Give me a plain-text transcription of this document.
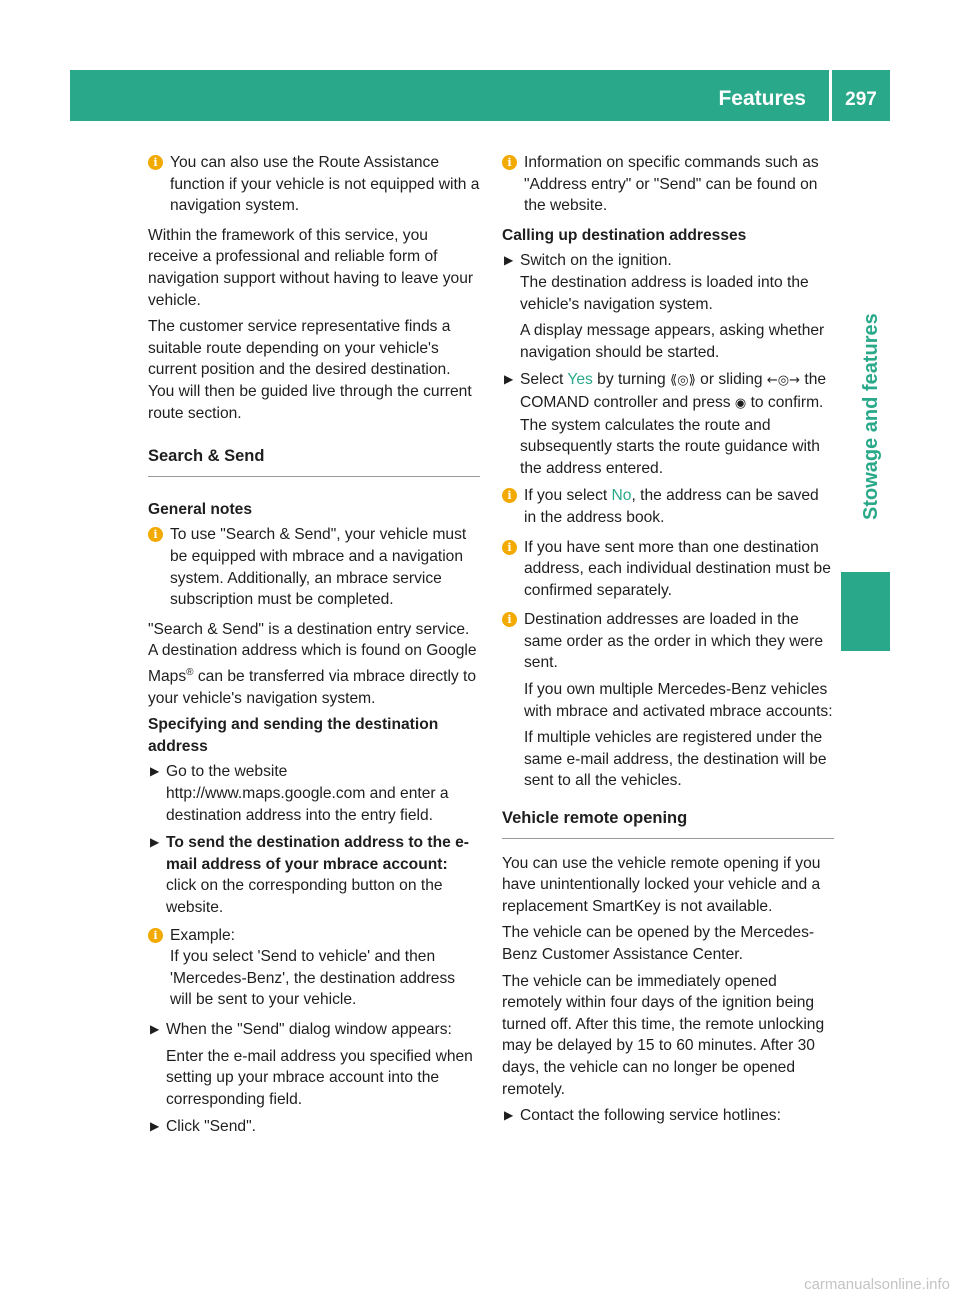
Features	297
Stowage and features
i You can also use the Route Assistance function if your vehicle is not equipped with a navigation system.

Within the framework of this service, you receive a professional and reliable form of navigation support without having to leave your vehicle.

The customer service representative finds a suitable route depending on your vehicle's current position and the desired destination. You will then be guided live through the current route section.

Search & Send
General notes
i To use "Search & Send", your vehicle must be equipped with mbrace and a navigation system. Additionally, an mbrace service subscription must be completed.

"Search & Send" is a destination entry service. A destination address which is found on Google Maps® can be transferred via mbrace directly to your vehicle's navigation system.

Specifying and sending the destination address
▶ Go to the website http://www.maps.google.com and enter a destination address into the entry field.
▶ To send the destination address to the e-mail address of your mbrace account:
click on the corresponding button on the website.
i Example:
If you select 'Send to vehicle' and then 'Mercedes-Benz', the destination address will be sent to your vehicle.
▶ When the "Send" dialog window appears:
Enter the e-mail address you specified when setting up your mbrace account into the corresponding field.
▶ Click "Send".
i Information on specific commands such as "Address entry" or "Send" can be found on the website.
Calling up destination addresses
▶ Switch on the ignition.
The destination address is loaded into the vehicle's navigation system.
A display message appears, asking whether navigation should be started.
▶ Select Yes by turning ⟪◎⟫ or sliding ←◎→ the COMAND controller and press ◉ to confirm.
The system calculates the route and subsequently starts the route guidance with the address entered.
i If you select No, the address can be saved in the address book.
i If you have sent more than one destination address, each individual destination must be confirmed separately.
i Destination addresses are loaded in the same order as the order in which they were sent.
If you own multiple Mercedes-Benz vehicles with mbrace and activated mbrace accounts:
If multiple vehicles are registered under the same e-mail address, the destination will be sent to all the vehicles.
Vehicle remote opening

You can use the vehicle remote opening if you have unintentionally locked your vehicle and a replacement SmartKey is not available.

The vehicle can be opened by the Mercedes-Benz Customer Assistance Center.

The vehicle can be immediately opened remotely within four days of the ignition being turned off. After this time, the remote unlocking may be delayed by 15 to 60 minutes. After 30 days, the vehicle can no longer be opened remotely.

▶ Contact the following service hotlines:
carmanualsonline.info
